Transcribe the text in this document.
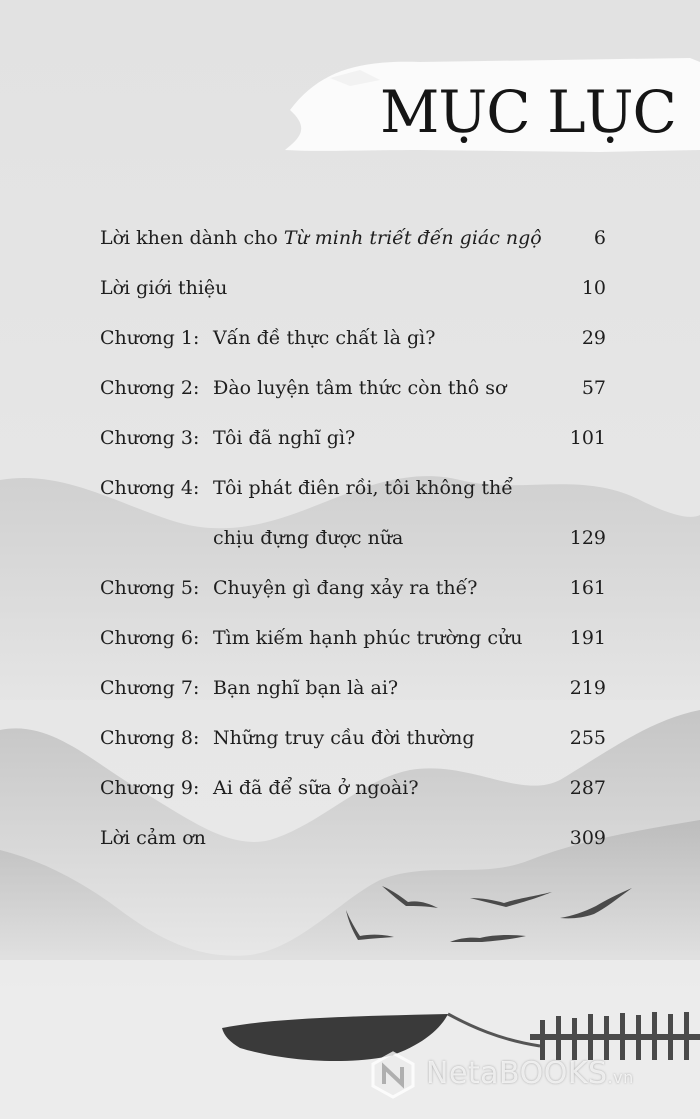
MỤC LỤC
Lời khen dành cho Từ minh triết đến giác ngộ	6
Lời giới thiệu	10
Chương 1: Vấn đề thực chất là gì?	29
Chương 2: Đào luyện tâm thức còn thô sơ	57
Chương 3: Tôi đã nghĩ gì?	101
Chương 4: Tôi phát điên rồi, tôi không thể
chịu đựng được nữa	129
Chương 5: Chuyện gì đang xảy ra thế?	161
Chương 6: Tìm kiếm hạnh phúc trường cửu 191
Chương 7: Bạn nghĩ bạn là ai?	219
Chương 8: Những truy cầu đời thường	255
Chương 9: Ai đã để sữa ở ngoài?	287
Lời cảm ơn	309
NetaBOOKS.vn
